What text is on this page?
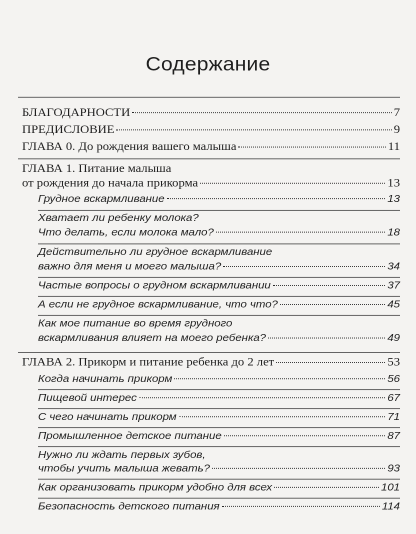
Содержание
БЛАГОДАРНОСТИ	7
ПРЕДИСЛОВИЕ	9
ГЛАВА 0. До рождения вашего малыша	11
ГЛАВА 1. Питание малыша
от рождения до начала прикорма	13
Грудное вскармливание	13
Хватает ли ребенку молока?
Что делать, если молока мало?	18
Действительно ли грудное вскармливание
важно для меня и моего малыша?	34
Частые вопросы о грудном вскармливании	37
А если не грудное вскармливание, что что?	45
Как мое питание во время грудного
вскармливания влияет на моего ребенка?	49
ГЛАВА 2. Прикорм и питание ребенка до 2 лет	53
Когда начинать прикорм	56
Пищевой интерес	67
С чего начинать прикорм	71
Промышленное детское питание	87
Нужно ли ждать первых зубов,
чтобы учить малыша жевать?	93
Как организовать прикорм удобно для всех	101
Безопасность детского питания	114
